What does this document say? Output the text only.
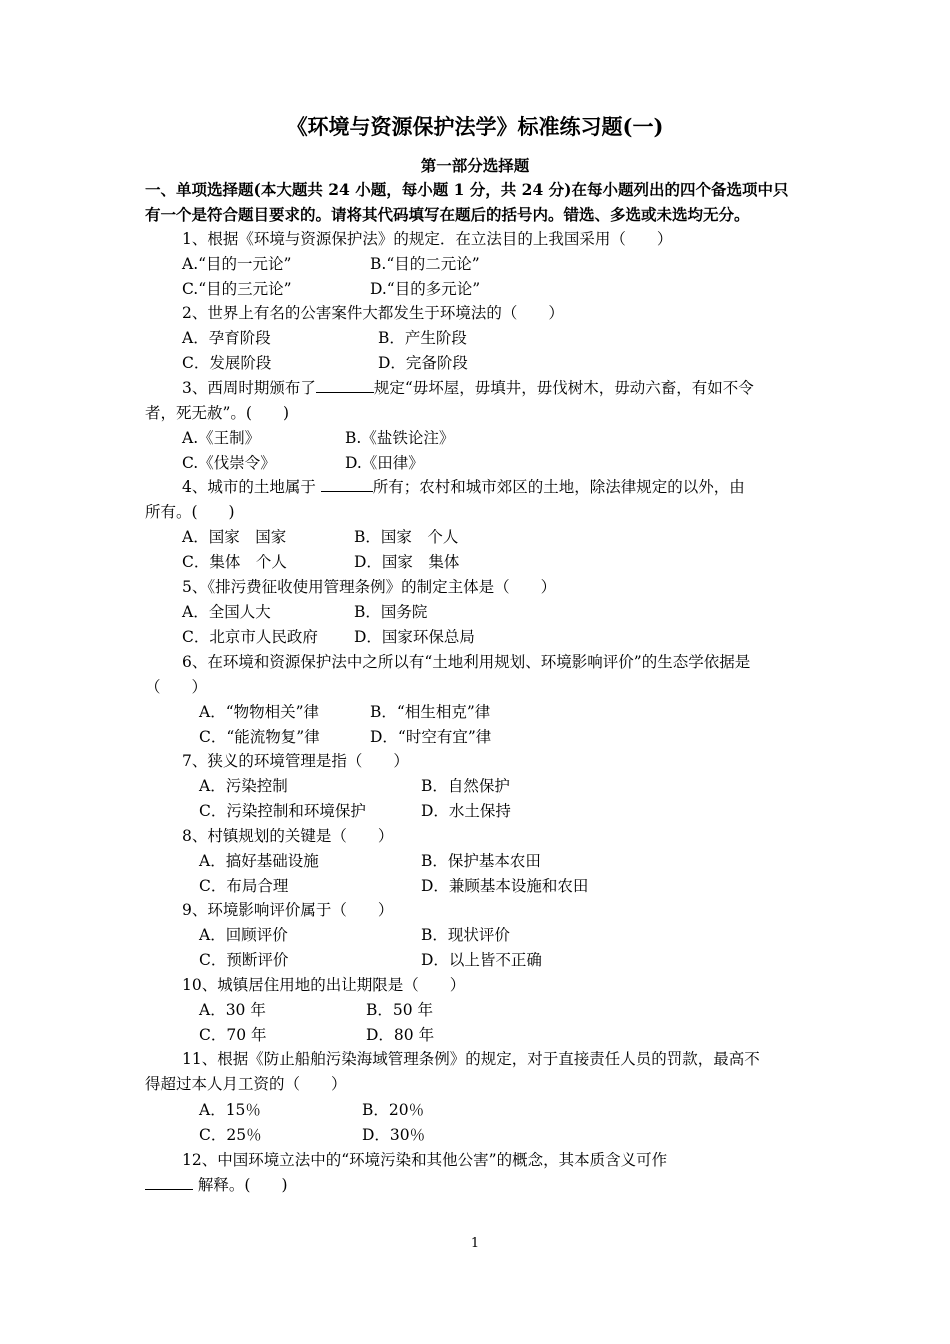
《环境与资源保护法学》标准练习题(一)
第一部分选择题
一、单项选择题(本大题共 24 小题，每小题 1 分，共 24 分)在每小题列出的四个备选项中只
有一个是符合题目要求的。请将其代码填写在题后的括号内。错选、多选或未选均无分。
1、根据《环境与资源保护法》的规定．在立法目的上我国采用（　　）
A.“目的一元论”	B.“目的二元论”
C.“目的三元论”	D.“目的多元论”
2、世界上有名的公害案件大都发生于环境法的（　　）
A．孕育阶段	B．产生阶段
C．发展阶段	D．完备阶段
3、西周时期颁布了	规定“毋坏屋，毋填井，毋伐树木，毋动六畜，有如不令
者，死无赦”。(　　)
A.《王制》	B.《盐铁论注》
C.《伐崇令》	D.《田律》
4、城市的土地属于	所有；农村和城市郊区的土地，除法律规定的以外，由
所有。(　　)
A．国家　国家	B．国家　个人
C．集体　个人	D．国家　集体
5、《排污费征收使用管理条例》的制定主体是（　　）
A．全国人大	B．国务院
C．北京市人民政府 D．国家环保总局
6、在环境和资源保护法中之所以有“土地利用规划、环境影响评价”的生态学依据是
（　　）
A．“物物相关”律	B．“相生相克”律
C．“能流物复”律	D．“时空有宜”律
7、狭义的环境管理是指（　　）
A．污染控制	B．自然保护
C．污染控制和环境保护	D．水土保持
8、村镇规划的关键是（　　）
A．搞好基础设施	B．保护基本农田
C．布局合理	D．兼顾基本设施和农田
9、环境影响评价属于（　　）
A．回顾评价	B．现状评价
C．预断评价	D．以上皆不正确
10、城镇居住用地的出让期限是（　　）
A．30 年	B．50 年
C．70 年	D．80 年
11、根据《防止船舶污染海域管理条例》的规定，对于直接责任人员的罚款，最高不
得超过本人月工资的（　　）
A．15％	B．20％
C．25％	D．30％
12、中国环境立法中的“环境污染和其他公害”的概念，其本质含义可作
解释。(　　)
1
